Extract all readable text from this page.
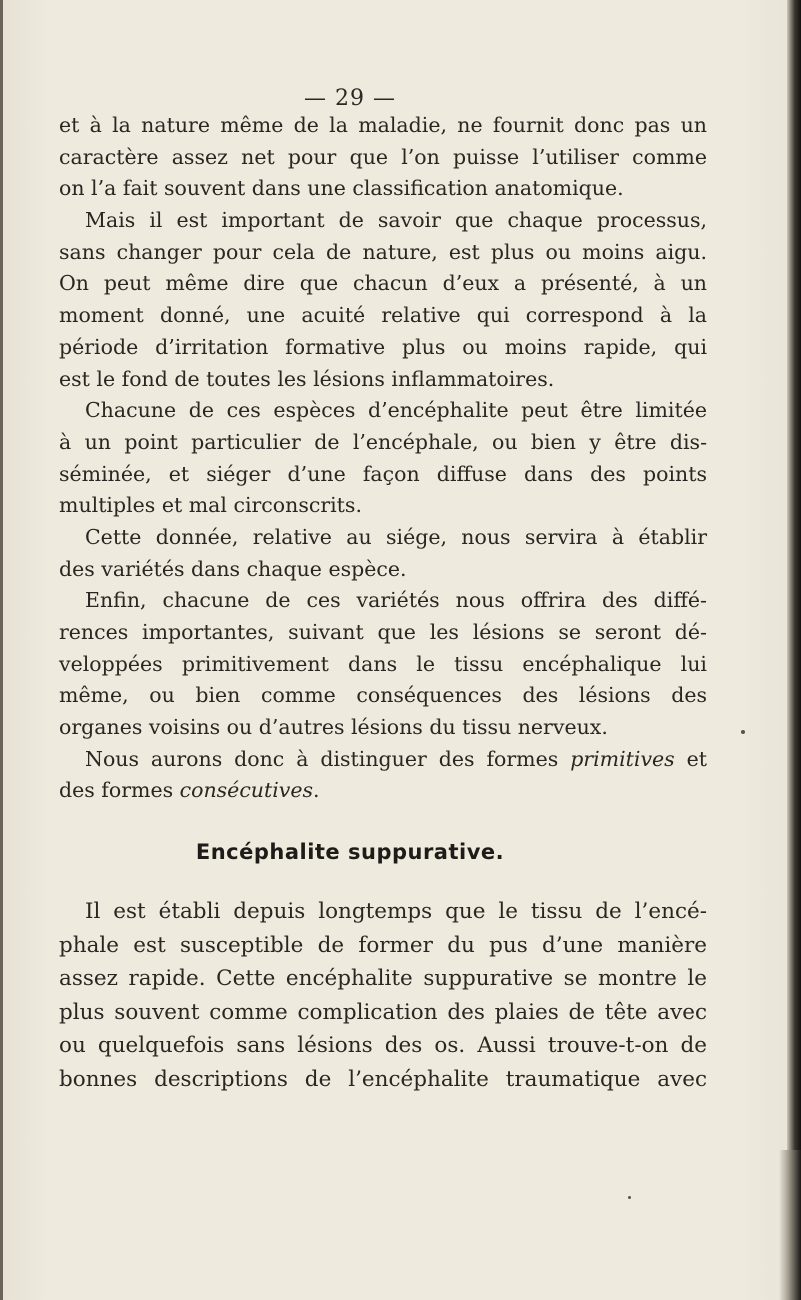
— 29 —
et à la nature même de la maladie, ne fournit donc pas un
caractère assez net pour que l’on puisse l’utiliser comme
on l’a fait souvent dans une classification anatomique.
Mais il est important de savoir que chaque processus,
sans changer pour cela de nature, est plus ou moins aigu.
On peut même dire que chacun d’eux a présenté, à un
moment donné, une acuité relative qui correspond à la
période d’irritation formative plus ou moins rapide, qui
est le fond de toutes les lésions inflammatoires.
Chacune de ces espèces d’encéphalite peut être limitée
à un point particulier de l’encéphale, ou bien y être dis-
séminée, et siéger d’une façon diffuse dans des points
multiples et mal circonscrits.
Cette donnée, relative au siége, nous servira à établir
des variétés dans chaque espèce.
Enfin, chacune de ces variétés nous offrira des diffé-
rences importantes, suivant que les lésions se seront dé-
veloppées primitivement dans le tissu encéphalique lui
même, ou bien comme conséquences des lésions des
organes voisins ou d’autres lésions du tissu nerveux.
Nous aurons donc à distinguer des formes primitives et
des formes consécutives.
Encéphalite suppurative.
Il est établi depuis longtemps que le tissu de l’encé-
phale est susceptible de former du pus d’une manière
assez rapide. Cette encéphalite suppurative se montre le
plus souvent comme complication des plaies de tête avec
ou quelquefois sans lésions des os. Aussi trouve-t-on de
bonnes descriptions de l’encéphalite traumatique avec
